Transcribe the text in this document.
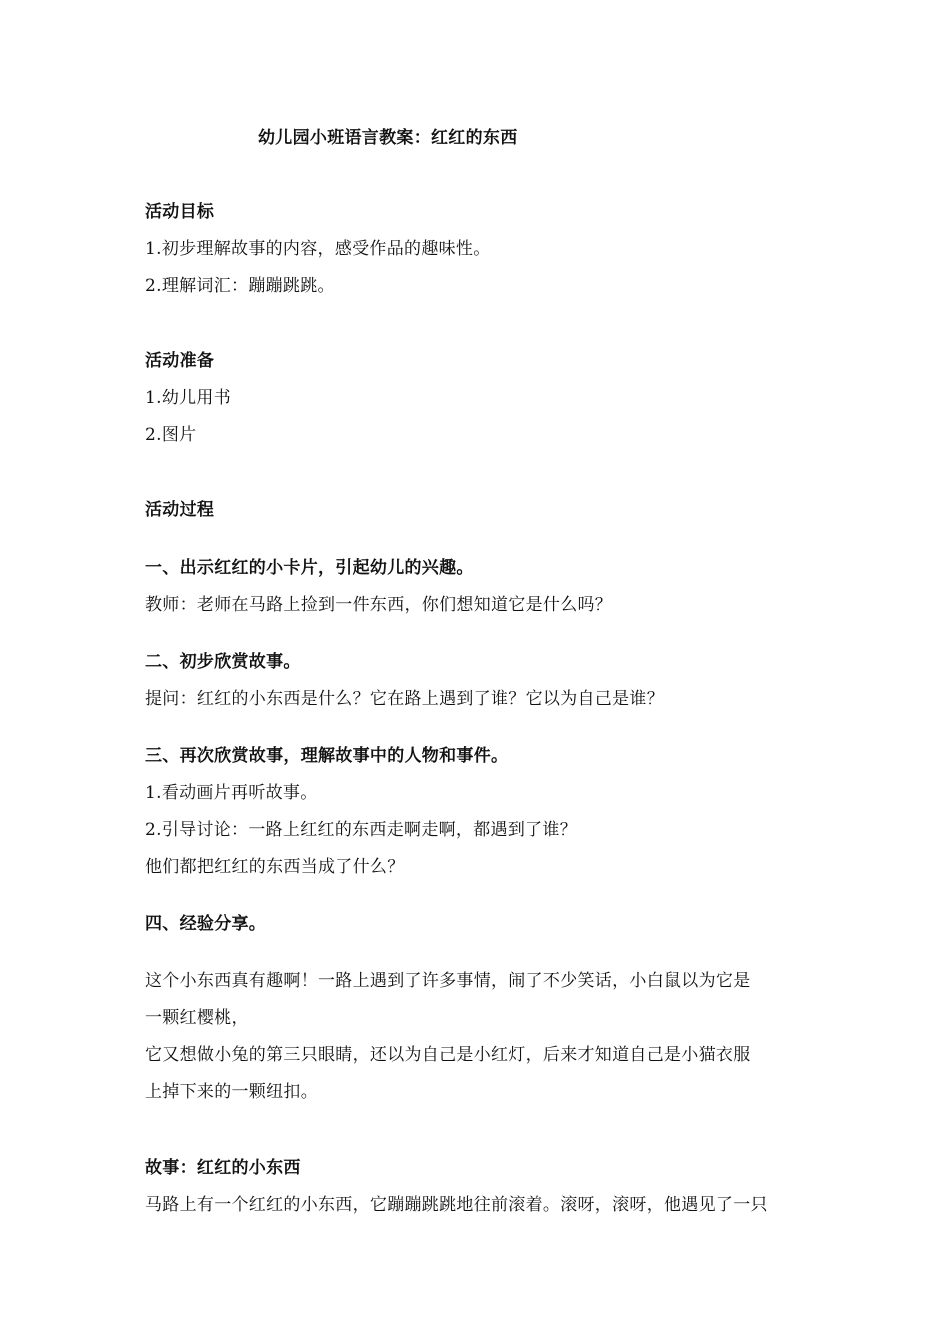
幼儿园小班语言教案：红红的东西
活动目标
1.初步理解故事的内容，感受作品的趣味性。
2.理解词汇：蹦蹦跳跳。
活动准备
1.幼儿用书
2.图片
活动过程
一、出示红红的小卡片，引起幼儿的兴趣。
教师：老师在马路上捡到一件东西，你们想知道它是什么吗？
二、初步欣赏故事。
提问：红红的小东西是什么？它在路上遇到了谁？它以为自己是谁？
三、再次欣赏故事，理解故事中的人物和事件。
1.看动画片再听故事。
2.引导讨论：一路上红红的东西走啊走啊，都遇到了谁？
他们都把红红的东西当成了什么？
四、经验分享。
这个小东西真有趣啊！一路上遇到了许多事情，闹了不少笑话，小白鼠以为它是
一颗红樱桃，
它又想做小兔的第三只眼睛，还以为自己是小红灯，后来才知道自己是小猫衣服
上掉下来的一颗纽扣。
故事：红红的小东西
马路上有一个红红的小东西，它蹦蹦跳跳地往前滚着。滚呀，滚呀，他遇见了一只
